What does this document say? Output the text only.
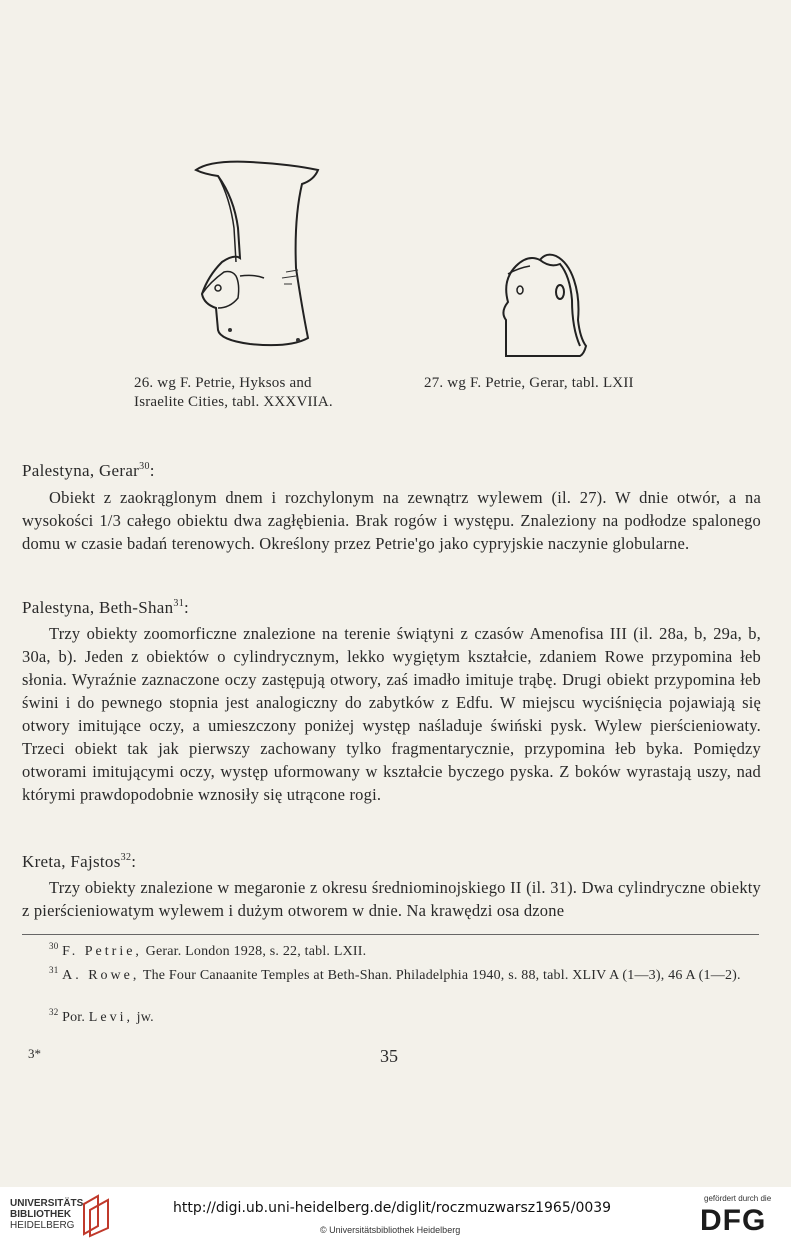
26. wg F. Petrie, Hyksos and
Israelite Cities, tabl. XXXVIIA.
27. wg F. Petrie, Gerar, tabl. LXII
Palestyna, Gerar$^{30}$:
Obiekt z zaokrąglonym dnem i rozchylonym na zewnątrz wylewem (il. 27). W dnie otwór, a na wysokości 1/3 całego obiektu dwa zagłębienia. Brak rogów i występu. Znaleziony na podłodze spalonego domu w czasie badań terenowych. Określony przez Petrie'go jako cypryjskie naczynie globularne.
Palestyna, Beth-Shan$^{31}$:
Trzy obiekty zoomorficzne znalezione na terenie świątyni z czasów Amenofisa III (il. 28a, b, 29a, b, 30a, b). Jeden z obiektów o cylindrycznym, lekko wygiętym kształcie, zdaniem Rowe przypomina łeb słonia. Wyraźnie zaznaczone oczy zastępują otwory, zaś imadło imituje trąbę. Drugi obiekt przypomina łeb świni i do pewnego stopnia jest analogiczny do zabytków z Edfu. W miejscu wyciśnięcia pojawiają się otwory imitujące oczy, a umieszczony poniżej występ naśladuje świński pysk. Wylew pierścieniowaty. Trzeci obiekt tak jak pierwszy zachowany tylko fragmentarycznie, przypomina łeb byka. Pomiędzy otworami imitującymi oczy, występ uformowany w kształcie byczego pyska. Z boków wyrastają uszy, nad którymi prawdopodobnie wznosiły się utrącone rogi.
Kreta, Fajstos$^{32}$:
Trzy obiekty znalezione w megaronie z okresu średniominojskiego II (il. 31). Dwa cylindryczne obiekty z pierścieniowatym wylewem i dużym otworem w dnie. Na krawędzi osa dzone
$^{30}$ F. Petrie, Gerar. London 1928, s. 22, tabl. LXII.
$^{31}$ A. Rowe, The Four Canaanite Temples at Beth-Shan. Philadelphia 1940, s. 88, tabl. XLIV A (1—3), 46 A (1—2).
$^{32}$ Por. Levi, jw.
3*	35
UNIVERSITÄTS-
BIBLIOTHEK
HEIDELBERG
http://digi.ub.uni-heidelberg.de/diglit/roczmuzwarsz1965/0039
© Universitätsbibliothek Heidelberg
gefördert durch die
DFG
